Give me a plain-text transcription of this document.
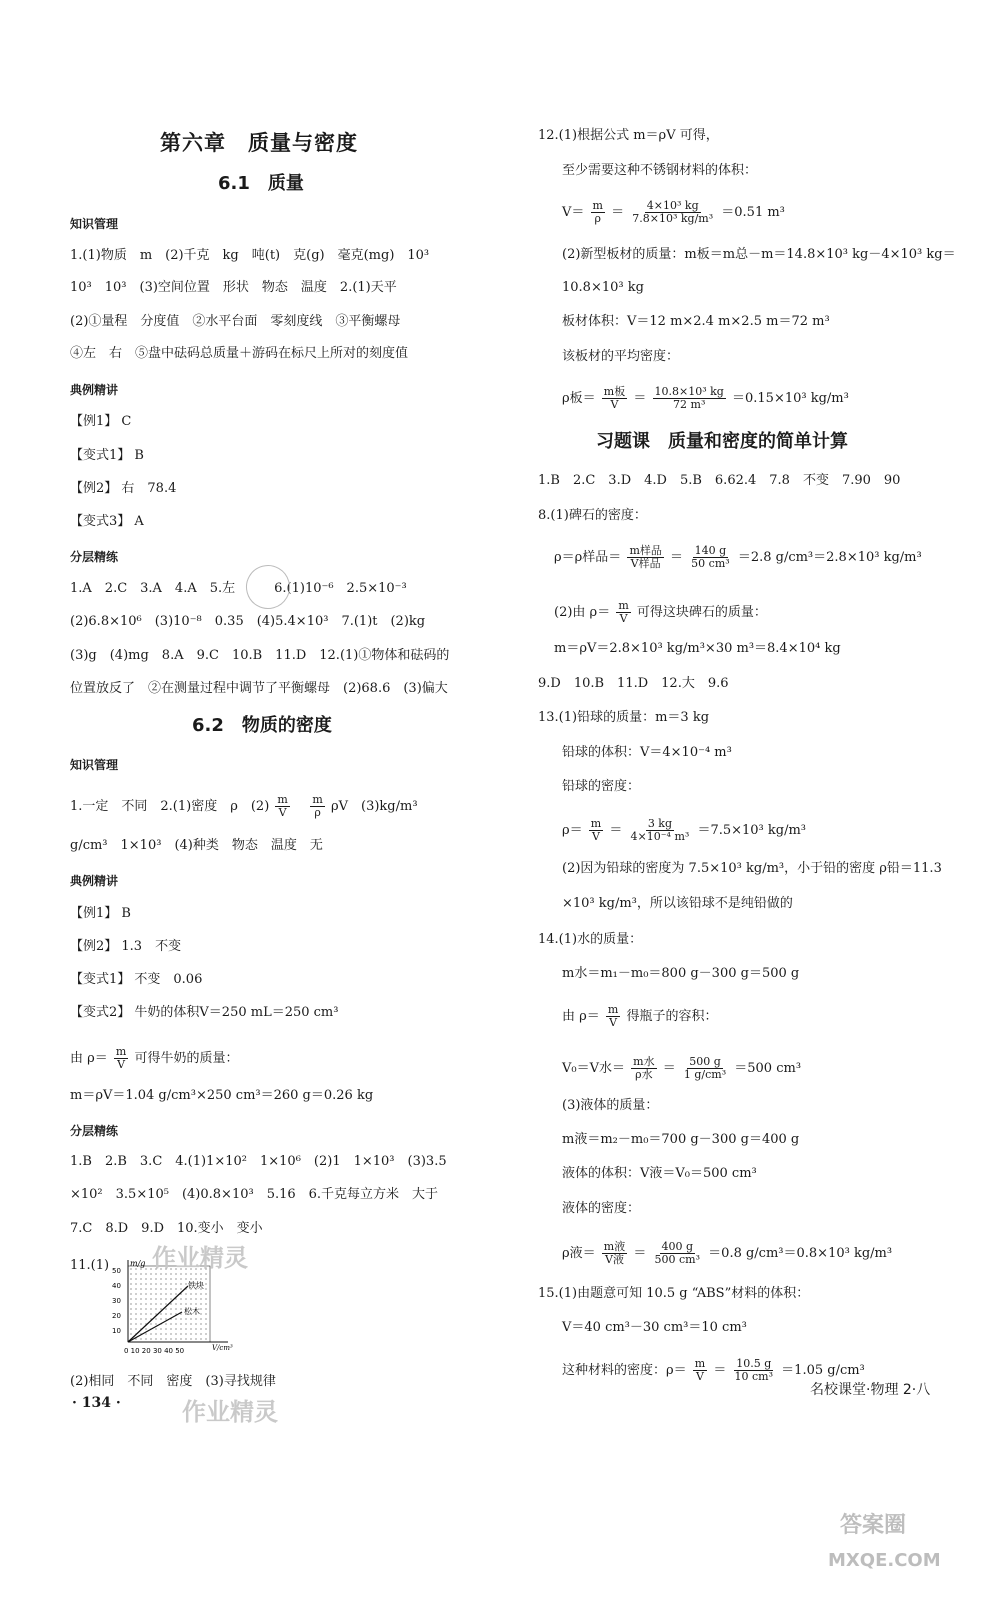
第六章　质量与密度
6.1　质量
知识管理
1.(1)物质　m　(2)千克　kg　吨(t)　克(g)　毫克(mg)　10³
10³　10³　(3)空间位置　形状　物态　温度　2.(1)天平
(2)①量程　分度值　②水平台面　零刻度线　③平衡螺母
④左　右　⑤盘中砝码总质量＋游码在标尺上所对的刻度值
典例精讲
【例1】 C
【变式1】 B
【例2】 右　78.4
【变式3】 A
分层精练
1.A　2.C　3.A　4.A　5.左　　　6.(1)10⁻⁶　2.5×10⁻³
(2)6.8×10⁶　(3)10⁻⁸　0.35　(4)5.4×10³　7.(1)t　(2)kg
(3)g　(4)mg　8.A　9.C　10.B　11.D　12.(1)①物体和砝码的
位置放反了　②在测量过程中调节了平衡螺母　(2)68.6　(3)偏大
6.2　物质的密度
知识管理
1.一定　不同　2.(1)密度　ρ　$(2) \frac{m}{V}$
$\frac{m}{\rho}$ ρV　(3)kg/m³
g/cm³　1×10³　(4)种类　物态　温度　无
典例精讲
【例1】 B
【例2】 1.3　不变
【变式1】 不变　0.06
【变式2】 牛奶的体积V＝250 mL＝250 cm³
由 $\rho= \frac{m}{V}$ 可得牛奶的质量：
m＝ρV＝1.04 g/cm³×250 cm³＝260 g＝0.26 kg
分层精练
1.B　2.B　3.C　4.(1)1×10²　1×10⁶　(2)1　1×10³　(3)3.5
×10²　3.5×10⁵　(4)0.8×10³　5.16　6.千克每立方米　大于
7.C　8.D　9.D　10.变小　变小
11.(1)	m/g
50
40
30
20
10
0 10 20 30 40 50	V/cm³
铁块
松木
(2)相同　不同　密度　(3)寻找规律
· 134 ·
12.(1)根据公式 m＝ρV 可得，
至少需要这种不锈钢材料的体积：
$V= \frac{m}{\rho} = \frac{\text{4×10³ kg}}{\text{7.8×10³ kg/m³}} =0.51$ m³
(2)新型板材的质量：m板＝m总－m＝14.8×10³ kg－4×10³ kg＝
10.8×10³ kg
板材体积：V＝12 m×2.4 m×2.5 m＝72 m³
该板材的平均密度：
ρ板＝ $\frac{\text{m板}}{V} = \frac{\text{10.8×10³ kg}}{\text{72 m³}} =0.15\times 10^3$ kg/m³
习题课　质量和密度的简单计算
1.B　2.C　3.D　4.D　5.B　6.62.4　7.8　不变　7.90　90
8.(1)碑石的密度：
ρ＝ρ样品＝ $\frac{\text{m样品}}{\text{V样品}} = \frac{140 g}{\text{50 cm³}} =2.8$ g/cm³＝2.8×10³ kg/m³
(2)由 $\rho= \frac{m}{V}$ 可得这块碑石的质量：
m＝ρV＝2.8×10³ kg/m³×30 m³＝8.4×10⁴ kg
9.D　10.B　11.D　12.大　9.6
13.(1)铅球的质量：m＝3 kg
铅球的体积：V＝4×10⁻⁴ m³
铅球的密度：
$\rho= \frac{m}{V} = \frac{3 kg}{\text{4×10⁻⁴ m³}} =7.5\times 10^3$ kg/m³
(2)因为铅球的密度为 7.5×10³ kg/m³，小于铅的密度 ρ铅＝11.3
×10³ kg/m³，所以该铅球不是纯铅做的
14.(1)水的质量：
m水＝m₁－m₀＝800 g－300 g＝500 g
由 $\rho= \frac{m}{V}$ 得瓶子的容积：
V₀＝V水＝ $\frac{\text{m水}}{\text{ρ水}} = \frac{500 g}{\text{1 g/cm³}} =500$ cm³
(3)液体的质量：
m液＝m₂－m₀＝700 g－300 g＝400 g
液体的体积：V液＝V₀＝500 cm³
液体的密度：
ρ液＝ $\frac{\text{m液}}{\text{V液}} = \frac{400 g}{\text{500 cm³}} =0.8$ g/cm³＝0.8×10³ kg/m³
15.(1)由题意可知 10.5 g “ABS”材料的体积：
V＝40 cm³－30 cm³＝10 cm³
这种材料的密度：$\rho= \frac{m}{V} = \frac{10.5 g}{\text{10 cm³}} =1.05$ g/cm³
名校课堂·物理 2·八
作业精灵
作业精灵
答案圈
MXQE.COM
